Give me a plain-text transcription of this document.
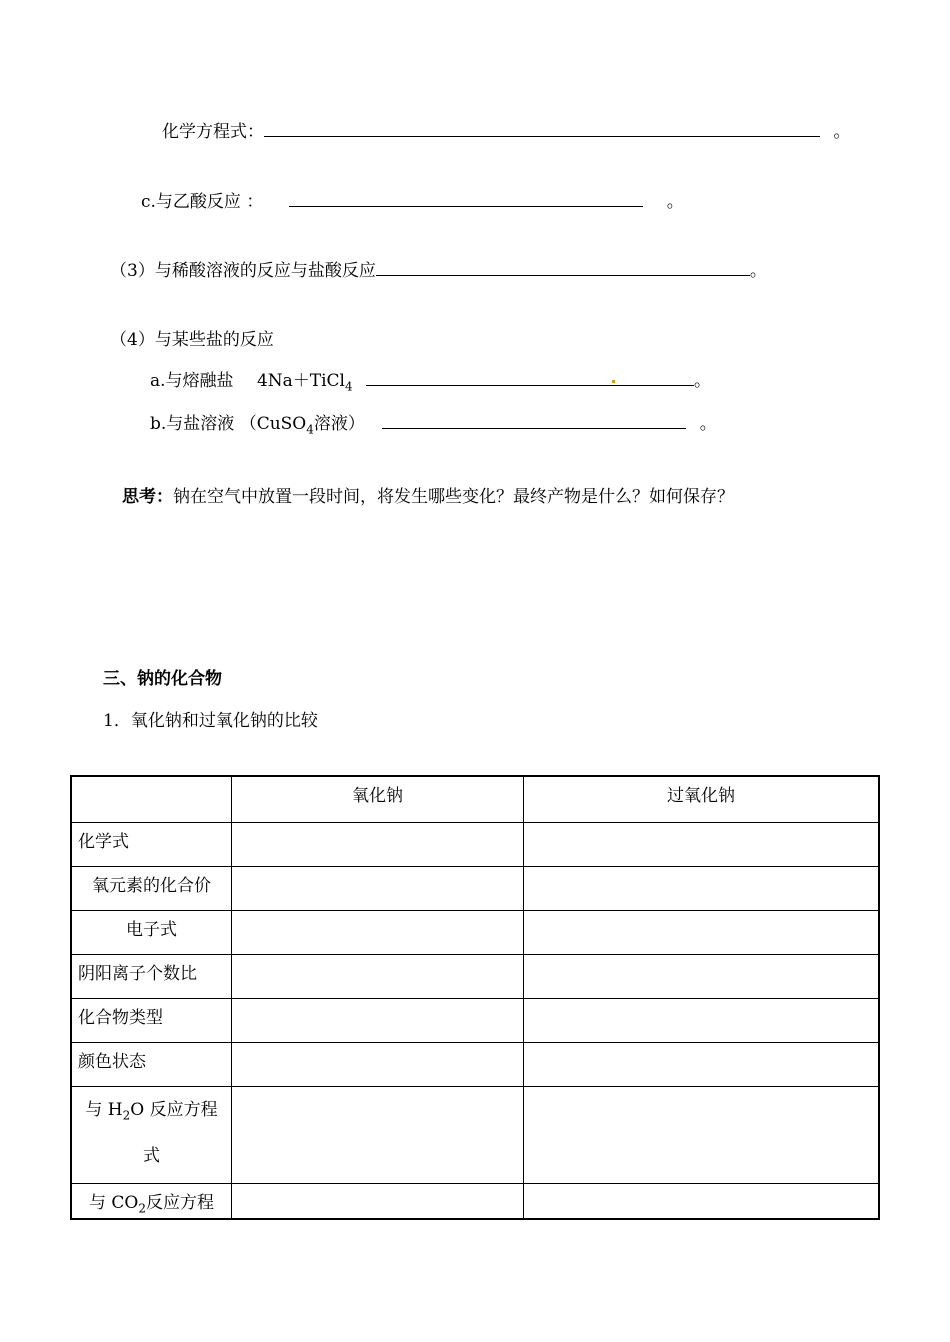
化学方程式：	。
c.与乙酸反应 ：	。
（3）与稀酸溶液的反应与盐酸反应	。
（4）与某些盐的反应
a.与熔融盐 4Na＋TiCl$_4$	。
b.与盐溶液 （CuSO$_4$溶液）	。
思考：钠在空气中放置一段时间，将发生哪些变化？最终产物是什么？如何保存？
三、钠的化合物
1．氧化钠和过氧化钠的比较
	氧化钠	过氧化钠
化学式		
氧元素的化合价		
电子式		
阴阳离子个数比		
化合物类型		
颜色状态		
与 $H_2O$ 反应方程
式		
与 $CO_2$反应方程		
